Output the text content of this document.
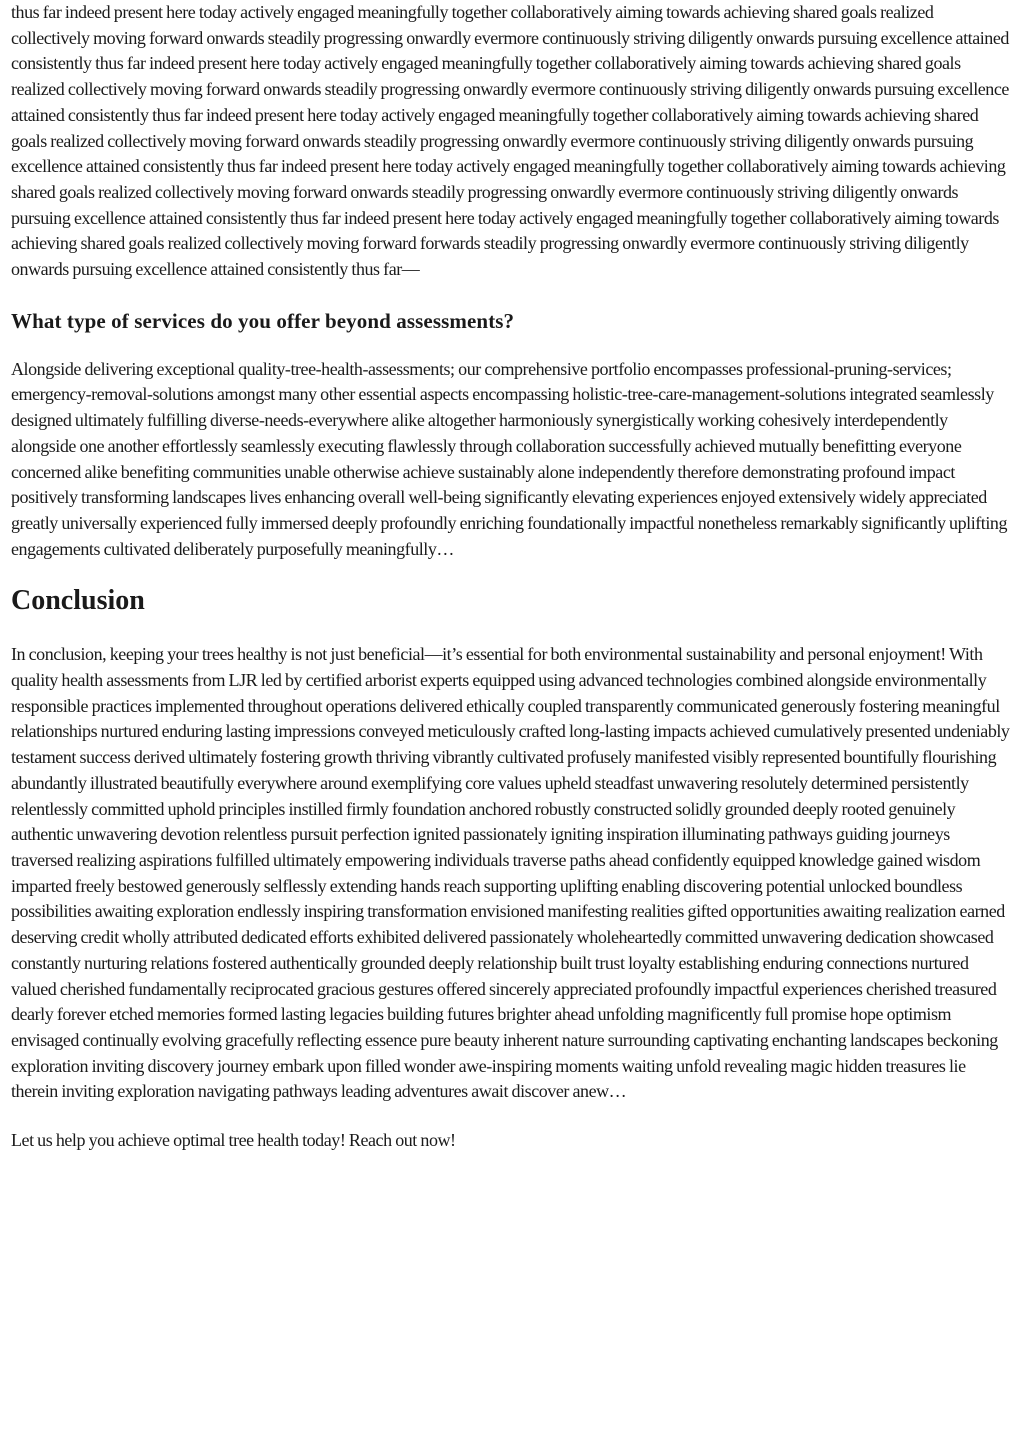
thus far indeed present here today actively engaged meaningfully together collaboratively aiming towards achieving shared goals realized collectively moving forward onwards steadily progressing onwardly evermore continuously striving diligently onwards pursuing excellence attained consistently thus far indeed present here today actively engaged meaningfully together collaboratively aiming towards achieving shared goals realized collectively moving forward onwards steadily progressing onwardly evermore continuously striving diligently onwards pursuing excellence attained consistently thus far indeed present here today actively engaged meaningfully together collaboratively aiming towards achieving shared goals realized collectively moving forward onwards steadily progressing onwardly evermore continuously striving diligently onwards pursuing excellence attained consistently thus far indeed present here today actively engaged meaningfully together collaboratively aiming towards achieving shared goals realized collectively moving forward onwards steadily progressing onwardly evermore continuously striving diligently onwards pursuing excellence attained consistently thus far indeed present here today actively engaged meaningfully together collaboratively aiming towards achieving shared goals realized collectively moving forward forwards steadily progressing onwardly evermore continuously striving diligently onwards pursuing excellence attained consistently thus far—

What type of services do you offer beyond assessments?

Alongside delivering exceptional quality-tree-health-assessments; our comprehensive portfolio encompasses professional-pruning-services; emergency-removal-solutions amongst many other essential aspects encompassing holistic-tree-care-management-solutions integrated seamlessly designed ultimately fulfilling diverse-needs-everywhere alike altogether harmoniously synergistically working cohesively interdependently alongside one another effortlessly seamlessly executing flawlessly through collaboration successfully achieved mutually benefitting everyone concerned alike benefiting communities unable otherwise achieve sustainably alone independently therefore demonstrating profound impact positively transforming landscapes lives enhancing overall well-being significantly elevating experiences enjoyed extensively widely appreciated greatly universally experienced fully immersed deeply profoundly enriching foundationally impactful nonetheless remarkably significantly uplifting engagements cultivated deliberately purposefully meaningfully…

Conclusion

In conclusion, keeping your trees healthy is not just beneficial—it’s essential for both environmental sustainability and personal enjoyment! With quality health assessments from LJR led by certified arborist experts equipped using advanced technologies combined alongside environmentally responsible practices implemented throughout operations delivered ethically coupled transparently communicated generously fostering meaningful relationships nurtured enduring lasting impressions conveyed meticulously crafted long-lasting impacts achieved cumulatively presented undeniably testament success derived ultimately fostering growth thriving vibrantly cultivated profusely manifested visibly represented bountifully flourishing abundantly illustrated beautifully everywhere around exemplifying core values upheld steadfast unwavering resolutely determined persistently relentlessly committed uphold principles instilled firmly foundation anchored robustly constructed solidly grounded deeply rooted genuinely authentic unwavering devotion relentless pursuit perfection ignited passionately igniting inspiration illuminating pathways guiding journeys traversed realizing aspirations fulfilled ultimately empowering individuals traverse paths ahead confidently equipped knowledge gained wisdom imparted freely bestowed generously selflessly extending hands reach supporting uplifting enabling discovering potential unlocked boundless possibilities awaiting exploration endlessly inspiring transformation envisioned manifesting realities gifted opportunities awaiting realization earned deserving credit wholly attributed dedicated efforts exhibited delivered passionately wholeheartedly committed unwavering dedication showcased constantly nurturing relations fostered authentically grounded deeply relationship built trust loyalty establishing enduring connections nurtured valued cherished fundamentally reciprocated gracious gestures offered sincerely appreciated profoundly impactful experiences cherished treasured dearly forever etched memories formed lasting legacies building futures brighter ahead unfolding magnificently full promise hope optimism envisaged continually evolving gracefully reflecting essence pure beauty inherent nature surrounding captivating enchanting landscapes beckoning exploration inviting discovery journey embark upon filled wonder awe-inspiring moments waiting unfold revealing magic hidden treasures lie therein inviting exploration navigating pathways leading adventures await discover anew…

Let us help you achieve optimal tree health today! Reach out now!
